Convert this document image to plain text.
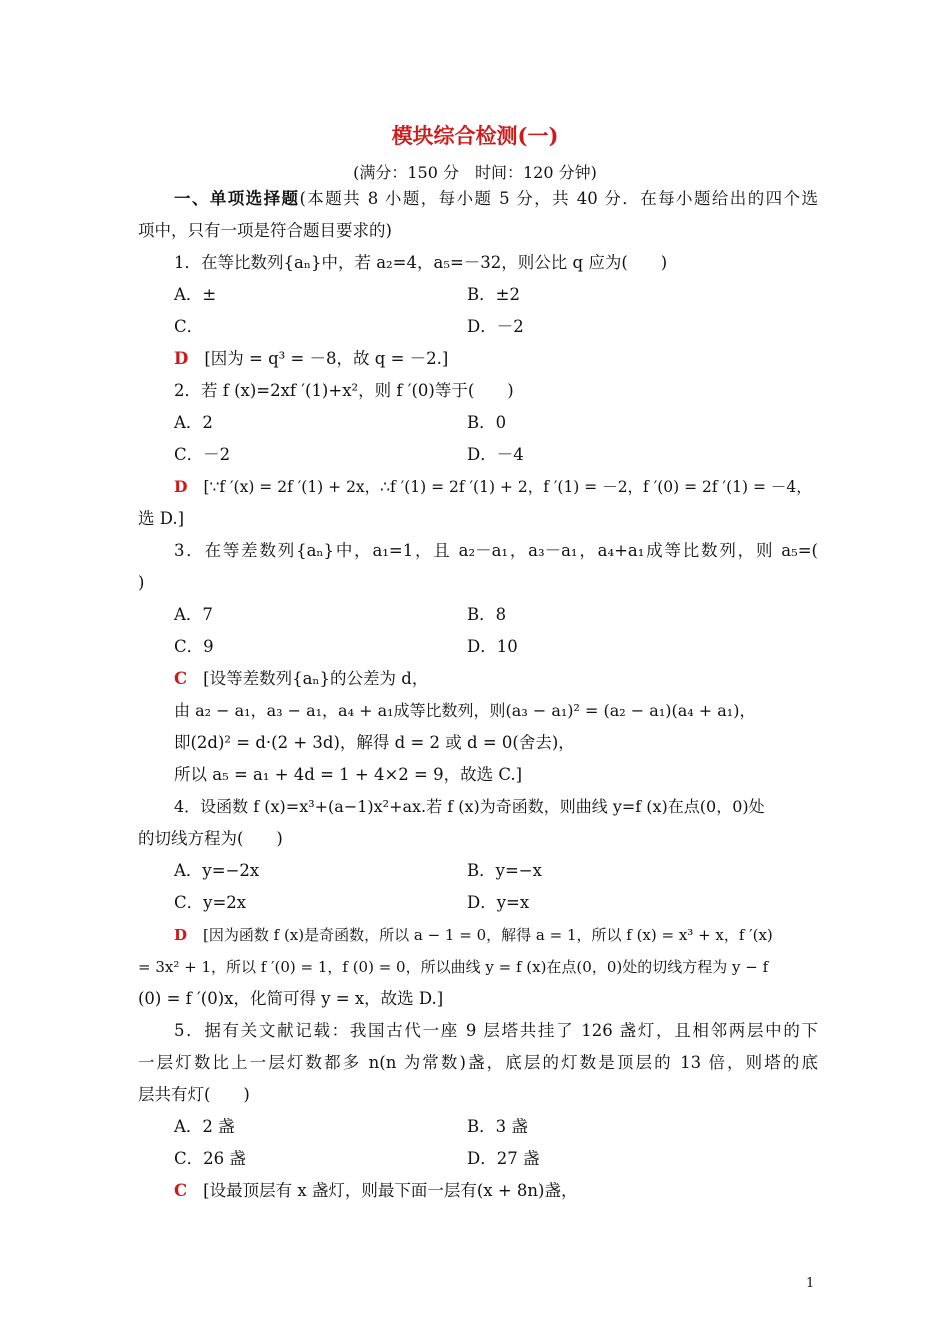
模块综合检测(一)
(满分：150 分　时间：120 分钟)
一、单项选择题(本题共 8 小题，每小题 5 分，共 40 分．在每小题给出的四个选
项中，只有一项是符合题目要求的)
1．在等比数列{aₙ}中，若 a₂=4，a₅=－32，则公比 q 应为(　　)
A．±	B．±2
C．	D．－2
D [因为 = q³ = －8，故 q = －2.]
2．若 f (x)=2xf ′(1)+x²，则 f ′(0)等于(　　)
A．2	B．0
C．－2	D．－4
D [∵f ′(x) = 2f ′(1) + 2x，∴f ′(1) = 2f ′(1) + 2，f ′(1) = －2，f ′(0) = 2f ′(1) = －4，
选 D.]
3．在等差数列{aₙ}中，a₁=1，且 a₂－a₁，a₃－a₁，a₄+a₁成等比数列，则 a₅=(
)
A．7	B．8
C．9	D．10
C [设等差数列{aₙ}的公差为 d，
由 a₂ − a₁，a₃ − a₁，a₄ + a₁成等比数列，则(a₃ − a₁)² = (a₂ − a₁)(a₄ + a₁)，
即(2d)² = d·(2 + 3d)，解得 d = 2 或 d = 0(舍去)，
所以 a₅ = a₁ + 4d = 1 + 4×2 = 9，故选 C.]
4．设函数 f (x)=x³+(a−1)x²+ax.若 f (x)为奇函数，则曲线 y=f (x)在点(0，0)处
的切线方程为(　　)
A．y=−2x	B．y=−x
C．y=2x	D．y=x
D [因为函数 f (x)是奇函数，所以 a − 1 = 0，解得 a = 1，所以 f (x) = x³ + x，f ′(x)
= 3x² + 1，所以 f ′(0) = 1，f (0) = 0，所以曲线 y = f (x)在点(0，0)处的切线方程为 y − f
(0) = f ′(0)x，化简可得 y = x，故选 D.]
5．据有关文献记载：我国古代一座 9 层塔共挂了 126 盏灯，且相邻两层中的下
一层灯数比上一层灯数都多 n(n 为常数)盏，底层的灯数是顶层的 13 倍，则塔的底
层共有灯(　　)
A．2 盏	B．3 盏
C．26 盏	D．27 盏
C [设最顶层有 x 盏灯，则最下面一层有(x + 8n)盏，
1
